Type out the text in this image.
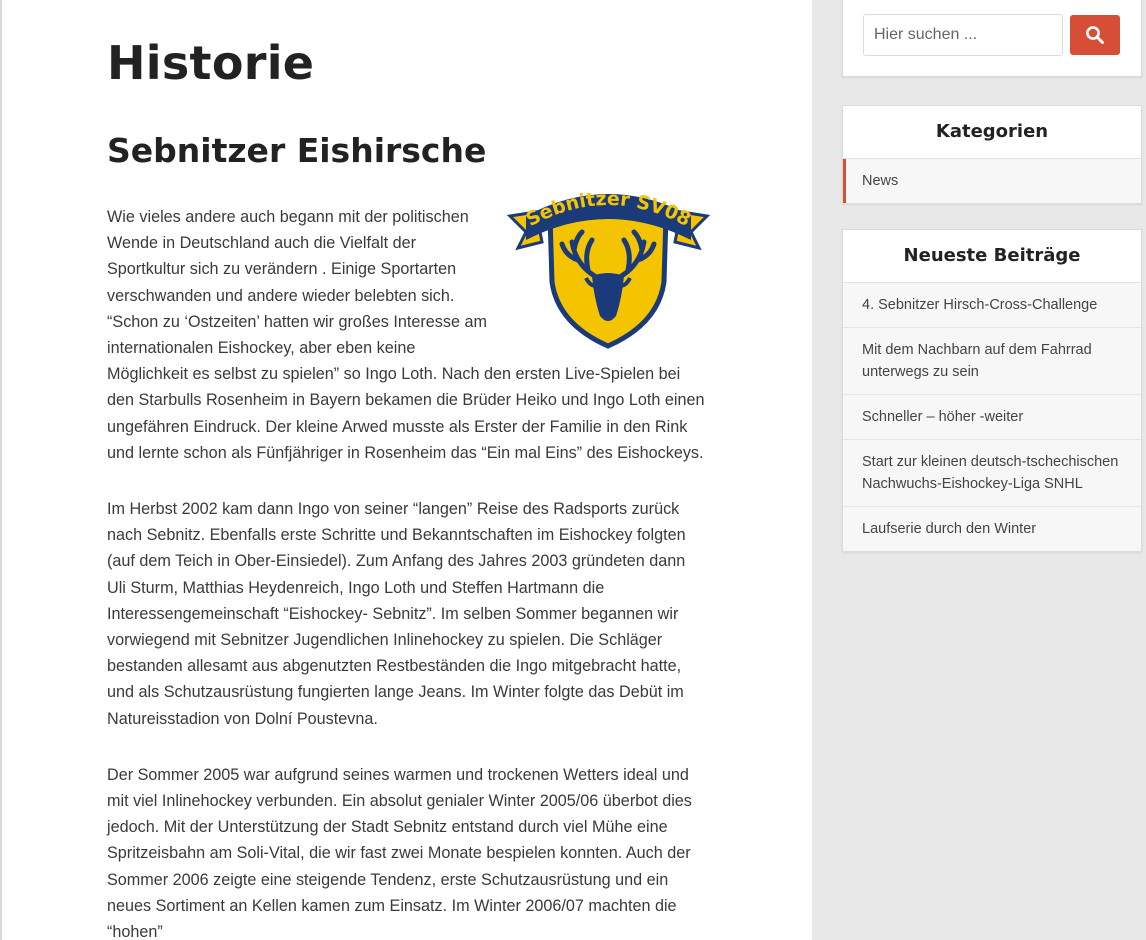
Historie
Sebnitzer Eishirsche

Sebnitzer SV08
Wie vieles andere auch begann mit der politischen Wende in Deutschland auch die Vielfalt der Sportkultur sich zu verändern . Einige Sportarten verschwanden und andere wieder belebten sich. “Schon zu ‘Ostzeiten’ hatten wir großes Interesse am internationalen Eishockey, aber eben keine Möglichkeit es selbst zu spielen” so Ingo Loth. Nach den ersten Live-Spielen bei den Starbulls Rosenheim in Bayern bekamen die Brüder Heiko und Ingo Loth einen ungefähren Eindruck. Der kleine Arwed musste als Erster der Familie in den Rink und lernte schon als Fünfjähriger in Rosenheim das “Ein mal Eins” des Eishockeys.

Im Herbst 2002 kam dann Ingo von seiner “langen” Reise des Radsports zurück nach Sebnitz. Ebenfalls erste Schritte und Bekanntschaften im Eishockey folgten (auf dem Teich in Ober-Einsiedel). Zum Anfang des Jahres 2003 gründeten dann Uli Sturm, Matthias Heydenreich, Ingo Loth und Steffen Hartmann die Interessengemeinschaft “Eishockey- Sebnitz”. Im selben Sommer begannen wir vorwiegend mit Sebnitzer Jugendlichen Inlinehockey zu spielen. Die Schläger bestanden allesamt aus abgenutzten Restbeständen die Ingo mitgebracht hatte, und als Schutzausrüstung fungierten lange Jeans. Im Winter folgte das Debüt im Natureisstadion von Dolní Poustevna.

Der Sommer 2005 war aufgrund seines warmen und trockenen Wetters ideal und mit viel Inlinehockey verbunden. Ein absolut genialer Winter 2005/06 überbot dies jedoch. Mit der Unterstützung der Stadt Sebnitz entstand durch viel Mühe eine Spritzeisbahn am Soli-Vital, die wir fast zwei Monate bespielen konnten. Auch der Sommer 2006 zeigte eine steigende Tendenz, erste Schutzausrüstung und ein neues Sortiment an Kellen kamen zum Einsatz. Im Winter 2006/07 machten die “hohen”

Hier suchen ...
Kategorien
News
Neueste Beiträge
4. Sebnitzer Hirsch-Cross-Challenge
Mit dem Nachbarn auf dem Fahrrad unterwegs zu sein
Schneller – höher -weiter
Start zur kleinen deutsch-tschechischen Nachwuchs-Eishockey-Liga SNHL
Laufserie durch den Winter
